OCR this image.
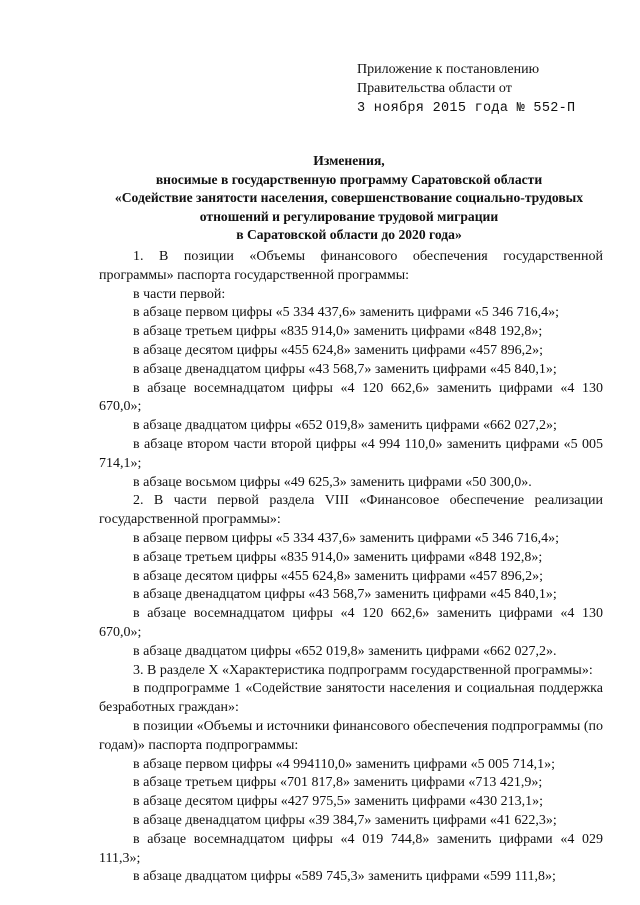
Приложение к постановлению
Правительства области от
3 ноября 2015 года № 552-П
Изменения,
вносимые в государственную программу Саратовской области
«Содействие занятости населения, совершенствование социально-трудовых
отношений и регулирование трудовой миграции
в Саратовской области до 2020 года»
1. В позиции «Объемы финансового обеспечения государственной программы» паспорта государственной программы:
в части первой:
в абзаце первом цифры «5 334 437,6» заменить цифрами «5 346 716,4»;
в абзаце третьем цифры «835 914,0» заменить цифрами «848 192,8»;
в абзаце десятом цифры «455 624,8» заменить цифрами «457 896,2»;
в абзаце двенадцатом цифры «43 568,7» заменить цифрами «45 840,1»;
в абзаце восемнадцатом цифры «4 120 662,6» заменить цифрами «4 130 670,0»;
в абзаце двадцатом цифры «652 019,8» заменить цифрами «662 027,2»;
в абзаце втором части второй цифры «4 994 110,0» заменить цифрами «5 005 714,1»;
в абзаце восьмом цифры «49 625,3» заменить цифрами «50 300,0».
2. В части первой раздела VIII «Финансовое обеспечение реализации государственной программы»:
в абзаце первом цифры «5 334 437,6» заменить цифрами «5 346 716,4»;
в абзаце третьем цифры «835 914,0» заменить цифрами «848 192,8»;
в абзаце десятом цифры «455 624,8» заменить цифрами «457 896,2»;
в абзаце двенадцатом цифры «43 568,7» заменить цифрами «45 840,1»;
в абзаце восемнадцатом цифры «4 120 662,6» заменить цифрами «4 130 670,0»;
в абзаце двадцатом цифры «652 019,8» заменить цифрами «662 027,2».
3. В разделе X «Характеристика подпрограмм государственной программы»:
в подпрограмме 1 «Содействие занятости населения и социальная поддержка безработных граждан»:
в позиции «Объемы и источники финансового обеспечения подпрограммы (по годам)» паспорта подпрограммы:
в абзаце первом цифры «4 994110,0» заменить цифрами «5 005 714,1»;
в абзаце третьем цифры «701 817,8» заменить цифрами «713 421,9»;
в абзаце десятом цифры «427 975,5» заменить цифрами «430 213,1»;
в абзаце двенадцатом цифры «39 384,7» заменить цифрами «41 622,3»;
в абзаце восемнадцатом цифры «4 019 744,8» заменить цифрами «4 029 111,3»;
в абзаце двадцатом цифры «589 745,3» заменить цифрами «599 111,8»;
